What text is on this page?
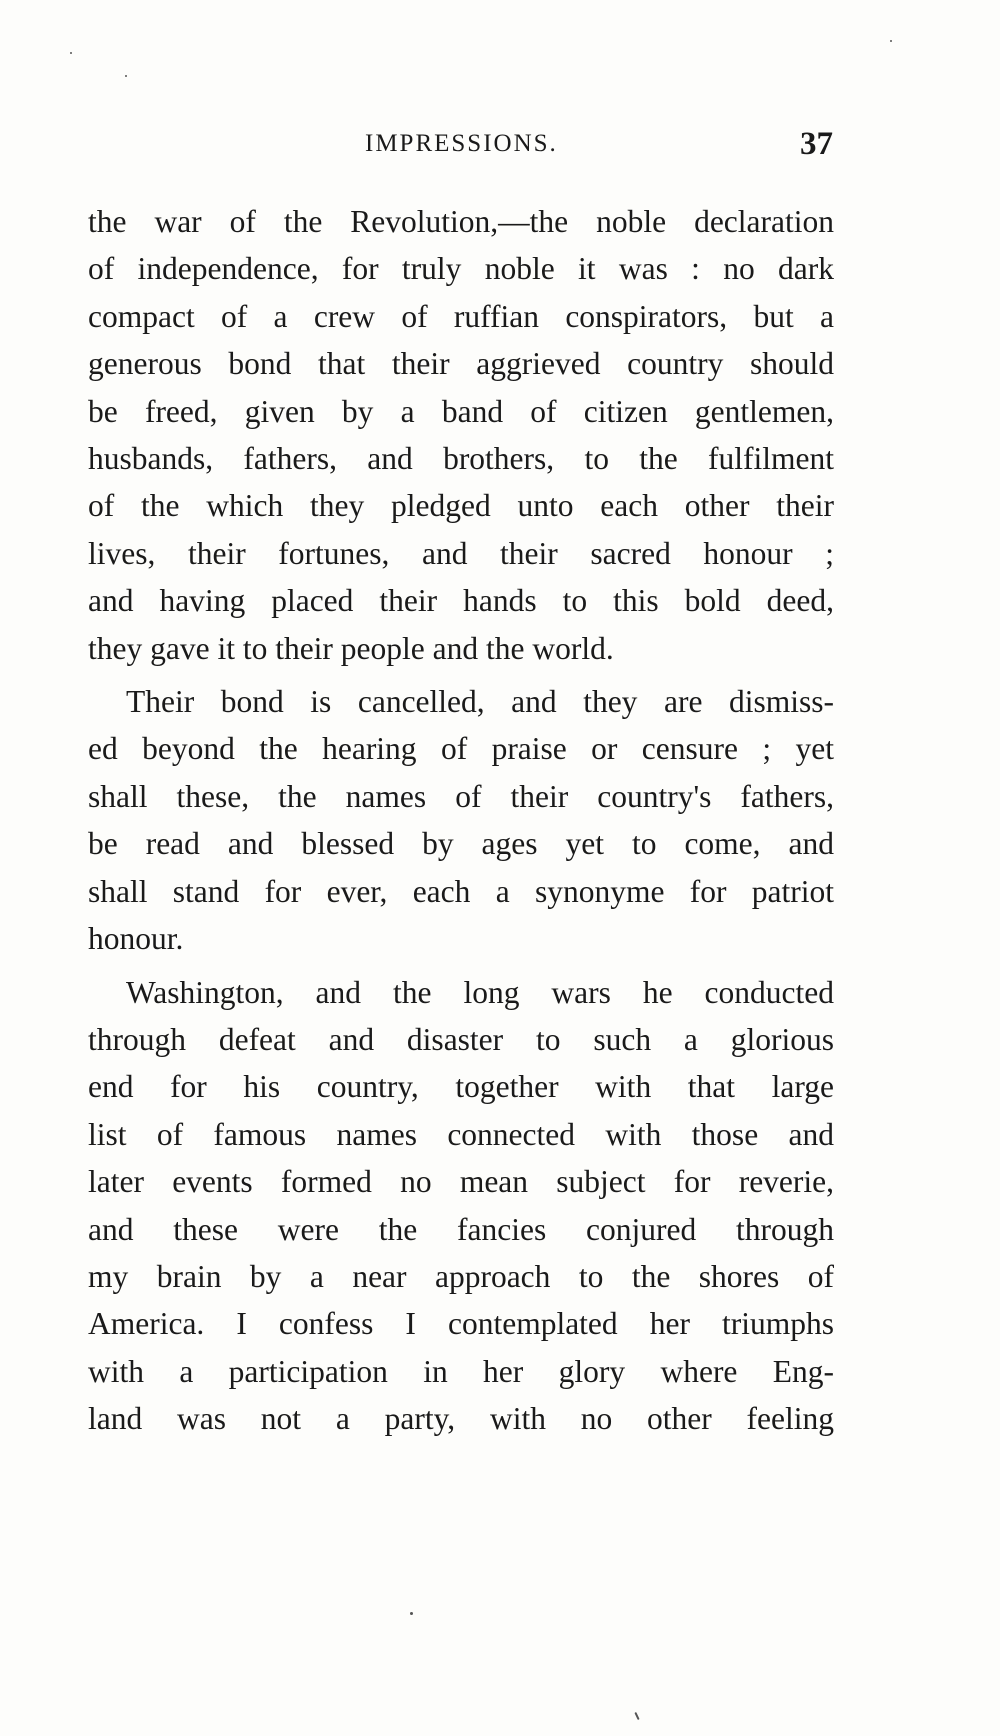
IMPRESSIONS.	37
the war of the Revolution,—the noble declaration
of independence, for truly noble it was : no dark
compact of a crew of ruffian conspirators, but a
generous bond that their aggrieved country should
be freed, given by a band of citizen gentlemen,
husbands, fathers, and brothers, to the fulfilment
of the which they pledged unto each other their
lives, their fortunes, and their sacred honour ;
and having placed their hands to this bold deed,
they gave it to their people and the world.
Their bond is cancelled, and they are dismiss-
ed beyond the hearing of praise or censure ; yet
shall these, the names of their country's fathers,
be read and blessed by ages yet to come, and
shall stand for ever, each a synonyme for patriot
honour.
Washington, and the long wars he conducted
through defeat and disaster to such a glorious
end for his country, together with that large
list of famous names connected with those and
later events formed no mean subject for reverie,
and these were the fancies conjured through
my brain by a near approach to the shores of
America. I confess I contemplated her triumphs
with a participation in her glory where Eng-
land was not a party, with no other feeling
